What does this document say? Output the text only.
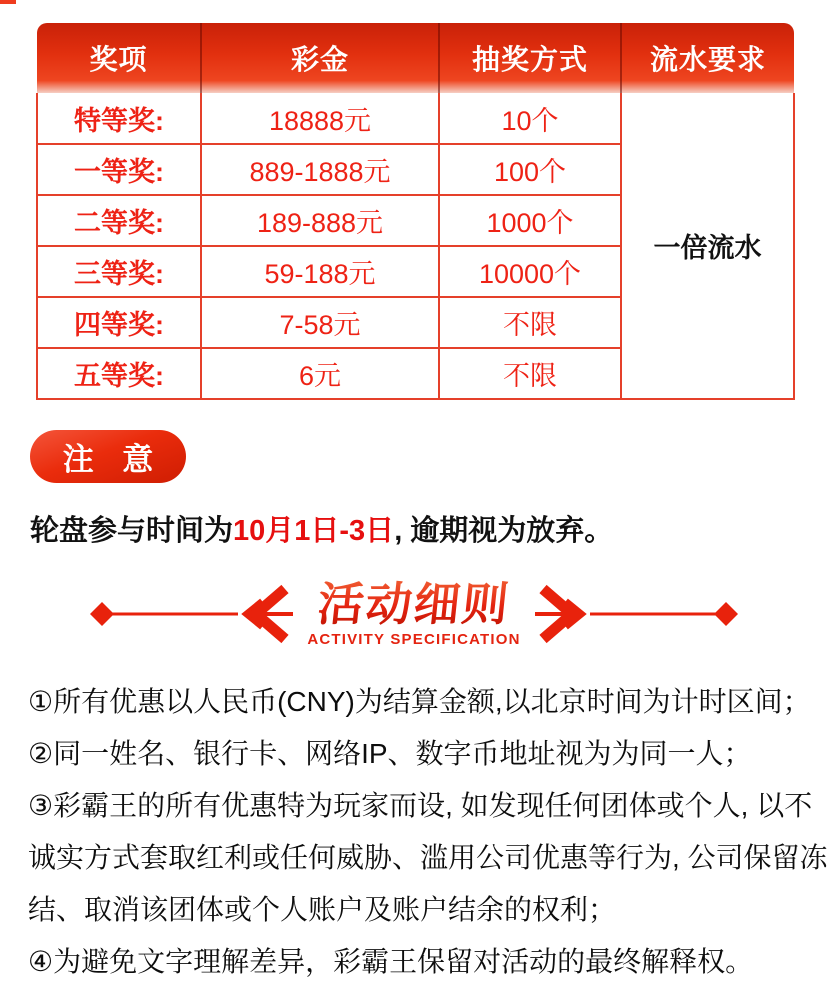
奖项	彩金	抽奖方式	流水要求
特等奖:	18888元	10个	一倍流水
一等奖:	889-1888元	100个	
二等奖:	189-888元	1000个	
三等奖:	59-188元	10000个	
四等奖:	7-58元	不限	
五等奖:	6元	不限	
注 意
轮盘参与时间为10月1日-3日, 逾期视为放弃。
活动细则
ACTIVITY SPECIFICATION
①所有优惠以人民币(CNY)为结算金额,以北京时间为计时区间；
②同一姓名、银行卡、网络IP、数字币地址视为为同一人；
③彩霸王的所有优惠特为玩家而设, 如发现任何团体或个人, 以不
诚实方式套取红利或任何威胁、滥用公司优惠等行为, 公司保留冻
结、取消该团体或个人账户及账户结余的权利；
④为避免文字理解差异，彩霸王保留对活动的最终解释权。
